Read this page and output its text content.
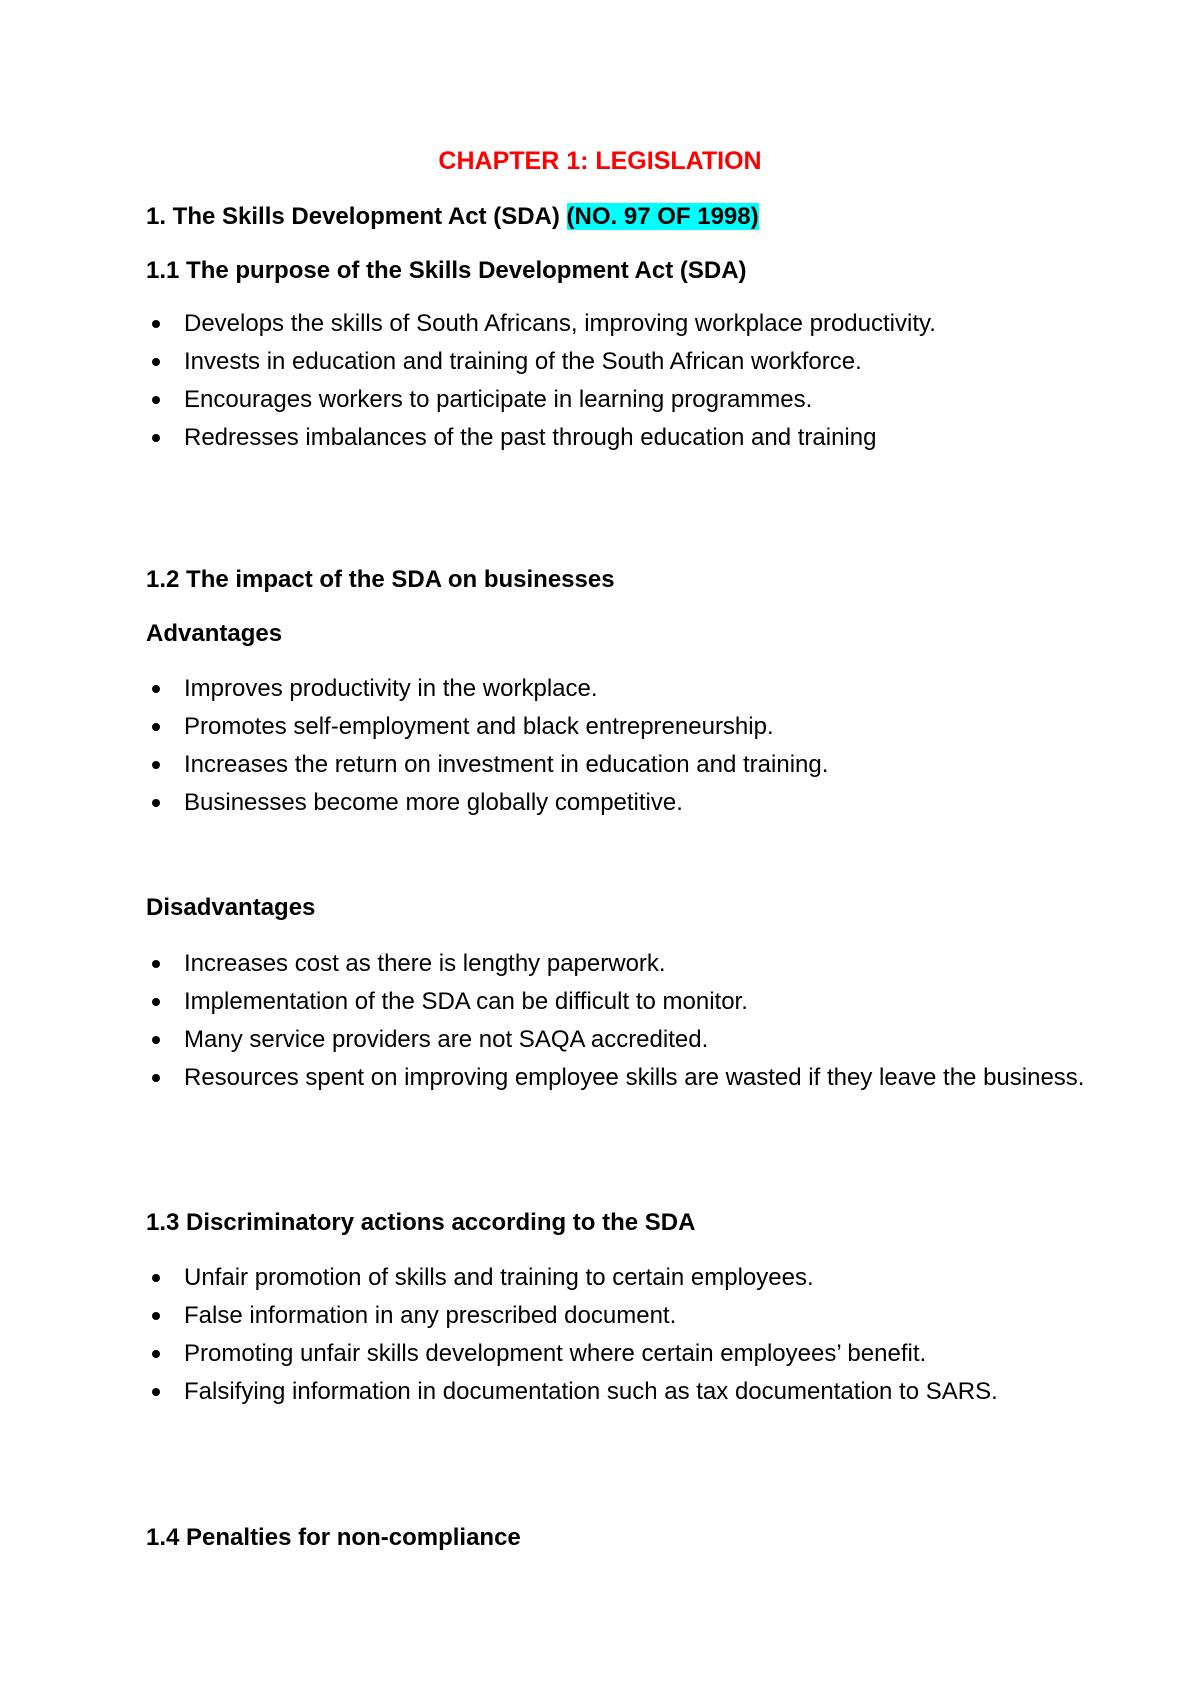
CHAPTER 1: LEGISLATION
1. The Skills Development Act (SDA) (NO. 97 OF 1998)
1.1 The purpose of the Skills Development Act (SDA)
Develops the skills of South Africans, improving workplace productivity.
Invests in education and training of the South African workforce.
Encourages workers to participate in learning programmes.
Redresses imbalances of the past through education and training
1.2 The impact of the SDA on businesses
Advantages
Improves productivity in the workplace.
Promotes self-employment and black entrepreneurship.
Increases the return on investment in education and training.
Businesses become more globally competitive.
Disadvantages
Increases cost as there is lengthy paperwork.
Implementation of the SDA can be difficult to monitor.
Many service providers are not SAQA accredited.
Resources spent on improving employee skills are wasted if they leave the business.
1.3 Discriminatory actions according to the SDA
Unfair promotion of skills and training to certain employees.
False information in any prescribed document.
Promoting unfair skills development where certain employees’ benefit.
Falsifying information in documentation such as tax documentation to SARS.
1.4 Penalties for non-compliance
